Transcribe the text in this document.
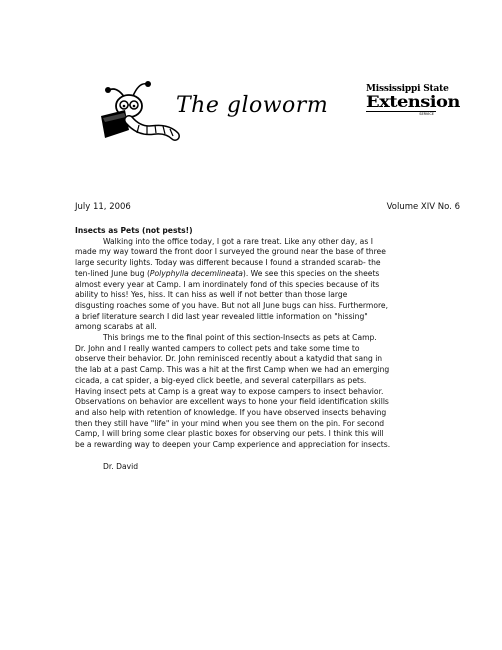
The gloworm
Mississippi State
Extension
SERVICE
July 11, 2006	Volume XIV No. 6
Insects as Pets (not pests!)
Walking into the office today, I got a rare treat. Like any other day, as I
made my way toward the front door I surveyed the ground near the base of three
large security lights. Today was different because I found a stranded scarab- the
ten-lined June bug (Polyphylla decemlineata). We see this species on the sheets
almost every year at Camp. I am inordinately fond of this species because of its
ability to hiss! Yes, hiss. It can hiss as well if not better than those large
disgusting roaches some of you have. But not all June bugs can hiss. Furthermore,
a brief literature search I did last year revealed little information on "hissing"
among scarabs at all.
This brings me to the final point of this section-Insects as pets at Camp.
Dr. John and I really wanted campers to collect pets and take some time to
observe their behavior. Dr. John reminisced recently about a katydid that sang in
the lab at a past Camp. This was a hit at the first Camp when we had an emerging
cicada, a cat spider, a big-eyed click beetle, and several caterpillars as pets.
Having insect pets at Camp is a great way to expose campers to insect behavior.
Observations on behavior are excellent ways to hone your field identification skills
and also help with retention of knowledge. If you have observed insects behaving
then they still have "life" in your mind when you see them on the pin. For second
Camp, I will bring some clear plastic boxes for observing our pets. I think this will
be a rewarding way to deepen your Camp experience and appreciation for insects.
Dr. David
